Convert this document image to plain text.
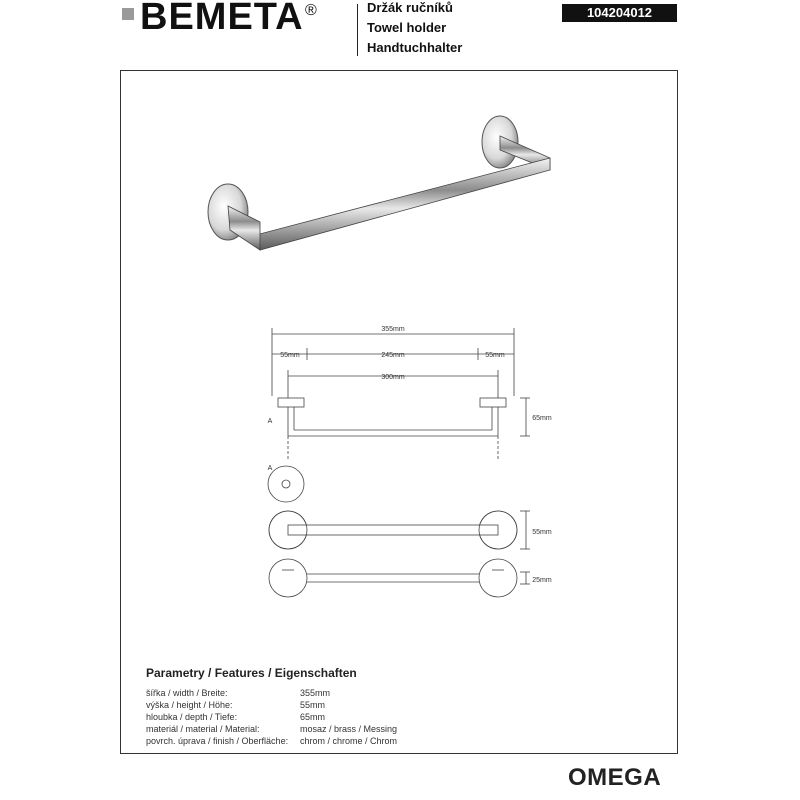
BEMETA ®	Držák ručníků
Towel holder
Handtuchhalter
104204012
355mm
55mm	245mm	55mm
300mm
65mm
55mm
25mm
A
A
Parametry / Features / Eigenschaften
šířka / width / Breite:	355mm
výška / height / Höhe:	55mm
hloubka / depth / Tiefe:	65mm
materiál / material / Material:	mosaz / brass / Messing
povrch. úprava / finish / Oberfläche: chrom / chrome / Chrom
OMEGA
